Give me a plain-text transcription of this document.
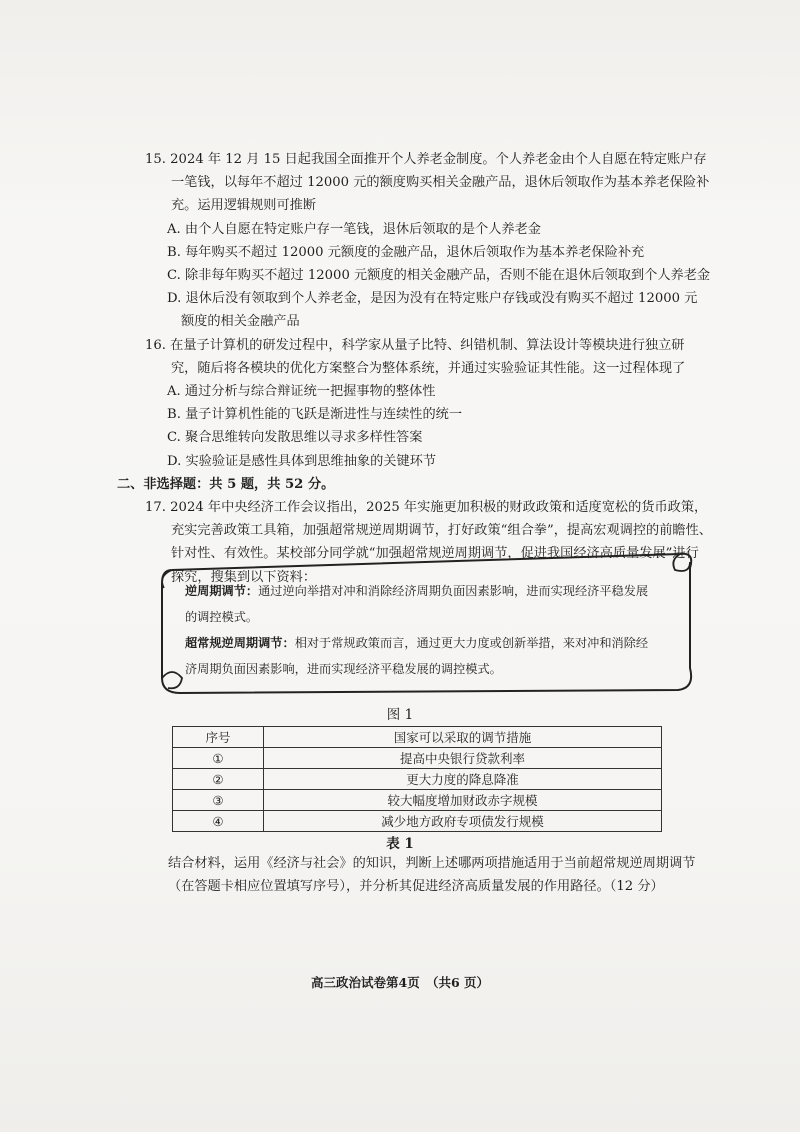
15. 2024 年 12 月 15 日起我国全面推开个人养老金制度。个人养老金由个人自愿在特定账户存
一笔钱，以每年不超过 12000 元的额度购买相关金融产品，退休后领取作为基本养老保险补
充。运用逻辑规则可推断
A. 由个人自愿在特定账户存一笔钱，退休后领取的是个人养老金
B. 每年购买不超过 12000 元额度的金融产品，退休后领取作为基本养老保险补充
C. 除非每年购买不超过 12000 元额度的相关金融产品，否则不能在退休后领取到个人养老金
D. 退休后没有领取到个人养老金，是因为没有在特定账户存钱或没有购买不超过 12000 元
额度的相关金融产品
16. 在量子计算机的研发过程中，科学家从量子比特、纠错机制、算法设计等模块进行独立研
究，随后将各模块的优化方案整合为整体系统，并通过实验验证其性能。这一过程体现了
A. 通过分析与综合辩证统一把握事物的整体性
B. 量子计算机性能的飞跃是渐进性与连续性的统一
C. 聚合思维转向发散思维以寻求多样性答案
D. 实验验证是感性具体到思维抽象的关键环节
二、非选择题：共 5 题，共 52 分。
17. 2024 年中央经济工作会议指出，2025 年实施更加积极的财政政策和适度宽松的货币政策，
充实完善政策工具箱，加强超常规逆周期调节，打好政策“组合拳”，提高宏观调控的前瞻性、
针对性、有效性。某校部分同学就“加强超常规逆周期调节，促进我国经济高质量发展”进行
探究，搜集到以下资料：
逆周期调节：通过逆向举措对冲和消除经济周期负面因素影响，进而实现经济平稳发展
的调控模式。
超常规逆周期调节：相对于常规政策而言，通过更大力度或创新举措，来对冲和消除经
济周期负面因素影响，进而实现经济平稳发展的调控模式。
图 1
序号	国家可以采取的调节措施
①	提高中央银行贷款利率
②	更大力度的降息降准
③	较大幅度增加财政赤字规模
④	减少地方政府专项债发行规模
表 1
结合材料，运用《经济与社会》的知识，判断上述哪两项措施适用于当前超常规逆周期调节
（在答题卡相应位置填写序号），并分析其促进经济高质量发展的作用路径。（12 分）
高三政治试卷第4页　（共6 页）
